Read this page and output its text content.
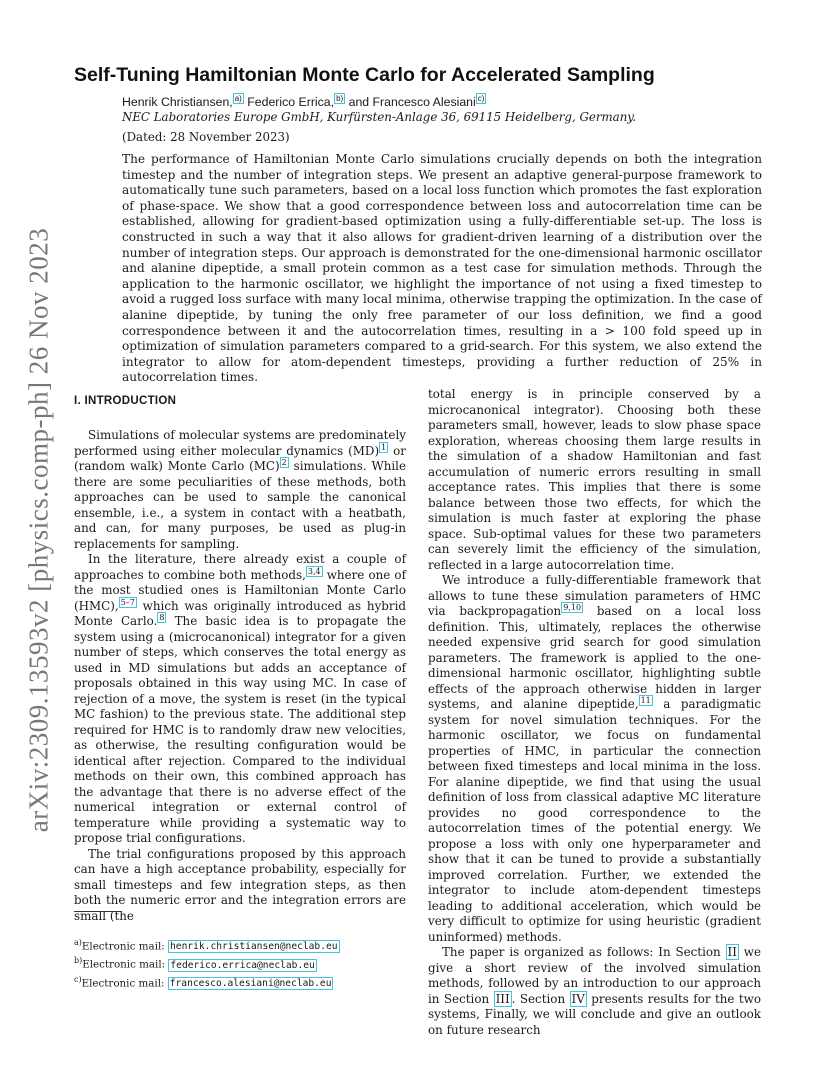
arXiv:2309.13593v2 [physics.comp-ph] 26 Nov 2023
Self-Tuning Hamiltonian Monte Carlo for Accelerated Sampling
Henrik Christiansen, $^{a)}$ Federico Errica, $^{b)}$ and Francesco Alesiani $^{c)}$
NEC Laboratories Europe GmbH, Kurfürsten-Anlage 36, 69115 Heidelberg, Germany.
(Dated: 28 November 2023)

The performance of Hamiltonian Monte Carlo simulations crucially depends on both the integration timestep and the number of integration steps. We present an adaptive general-purpose framework to automatically tune such parameters, based on a local loss function which promotes the fast exploration of phase-space. We show that a good correspondence between loss and autocorrelation time can be established, allowing for gradient-based optimization using a fully-differentiable set-up. The loss is constructed in such a way that it also allows for gradient-driven learning of a distribution over the number of integration steps. Our approach is demonstrated for the one-dimensional harmonic oscillator and alanine dipeptide, a small protein common as a test case for simulation methods. Through the application to the harmonic oscillator, we highlight the importance of not using a fixed timestep to avoid a rugged loss surface with many local minima, otherwise trapping the optimization. In the case of alanine dipeptide, by tuning the only free parameter of our loss definition, we find a good correspondence between it and the autocorrelation times, resulting in a > 100 fold speed up in optimization of simulation parameters compared to a grid-search. For this system, we also extend the integrator to allow for atom-dependent timesteps, providing a further reduction of 25% in autocorrelation times.

I. INTRODUCTION

Simulations of molecular systems are predominately performed using either molecular dynamics (MD) $^1$ or (random walk) Monte Carlo (MC) $^2$ simulations. While there are some peculiarities of these methods, both approaches can be used to sample the canonical ensemble, i.e., a system in contact with a heatbath, and can, for many purposes, be used as plug-in replacements for sampling.

In the literature, there already exist a couple of approaches to combine both methods, $^{3,4}$ where one of the most studied ones is Hamiltonian Monte Carlo (HMC), $^{5-7}$ which was originally introduced as hybrid Monte Carlo. $^8$ The basic idea is to propagate the system using a (microcanonical) integrator for a given number of steps, which conserves the total energy as used in MD simulations but adds an acceptance of proposals obtained in this way using MC. In case of rejection of a move, the system is reset (in the typical MC fashion) to the previous state. The additional step required for HMC is to randomly draw new velocities, as otherwise, the resulting configuration would be identical after rejection. Compared to the individual methods on their own, this combined approach has the advantage that there is no adverse effect of the numerical integration or external control of temperature while providing a systematic way to propose trial configurations.

The trial configurations proposed by this approach can have a high acceptance probability, especially for small timesteps and few integration steps, as then both the numeric error and the integration errors are small (the

total energy is in principle conserved by a microcanonical integrator). Choosing both these parameters small, however, leads to slow phase space exploration, whereas choosing them large results in the simulation of a shadow Hamiltonian and fast accumulation of numeric errors resulting in small acceptance rates. This implies that there is some balance between those two effects, for which the simulation is much faster at exploring the phase space. Sub-optimal values for these two parameters can severely limit the efficiency of the simulation, reflected in a large autocorrelation time.

We introduce a fully-differentiable framework that allows to tune these simulation parameters of HMC via backpropagation $^{9,10}$ based on a local loss definition. This, ultimately, replaces the otherwise needed expensive grid search for good simulation parameters. The framework is applied to the one-dimensional harmonic oscillator, highlighting subtle effects of the approach otherwise hidden in larger systems, and alanine dipeptide, $^{11}$ a paradigmatic system for novel simulation techniques. For the harmonic oscillator, we focus on fundamental properties of HMC, in particular the connection between fixed timesteps and local minima in the loss. For alanine dipeptide, we find that using the usual definition of loss from classical adaptive MC literature provides no good correspondence to the autocorrelation times of the potential energy. We propose a loss with only one hyperparameter and show that it can be tuned to provide a substantially improved correlation. Further, we extended the integrator to include atom-dependent timesteps leading to additional acceleration, which would be very difficult to optimize for using heuristic (gradient uninformed) methods.

The paper is organized as follows: In Section II we give a short review of the involved simulation methods, followed by an introduction to our approach in Section III . Section IV presents results for the two systems, Finally, we will conclude and give an outlook on future research

$^{a)}$Electronic mail: henrik.christiansen@neclab.eu
$^{b)}$Electronic mail: federico.errica@neclab.eu
$^{c)}$Electronic mail: francesco.alesiani@neclab.eu
